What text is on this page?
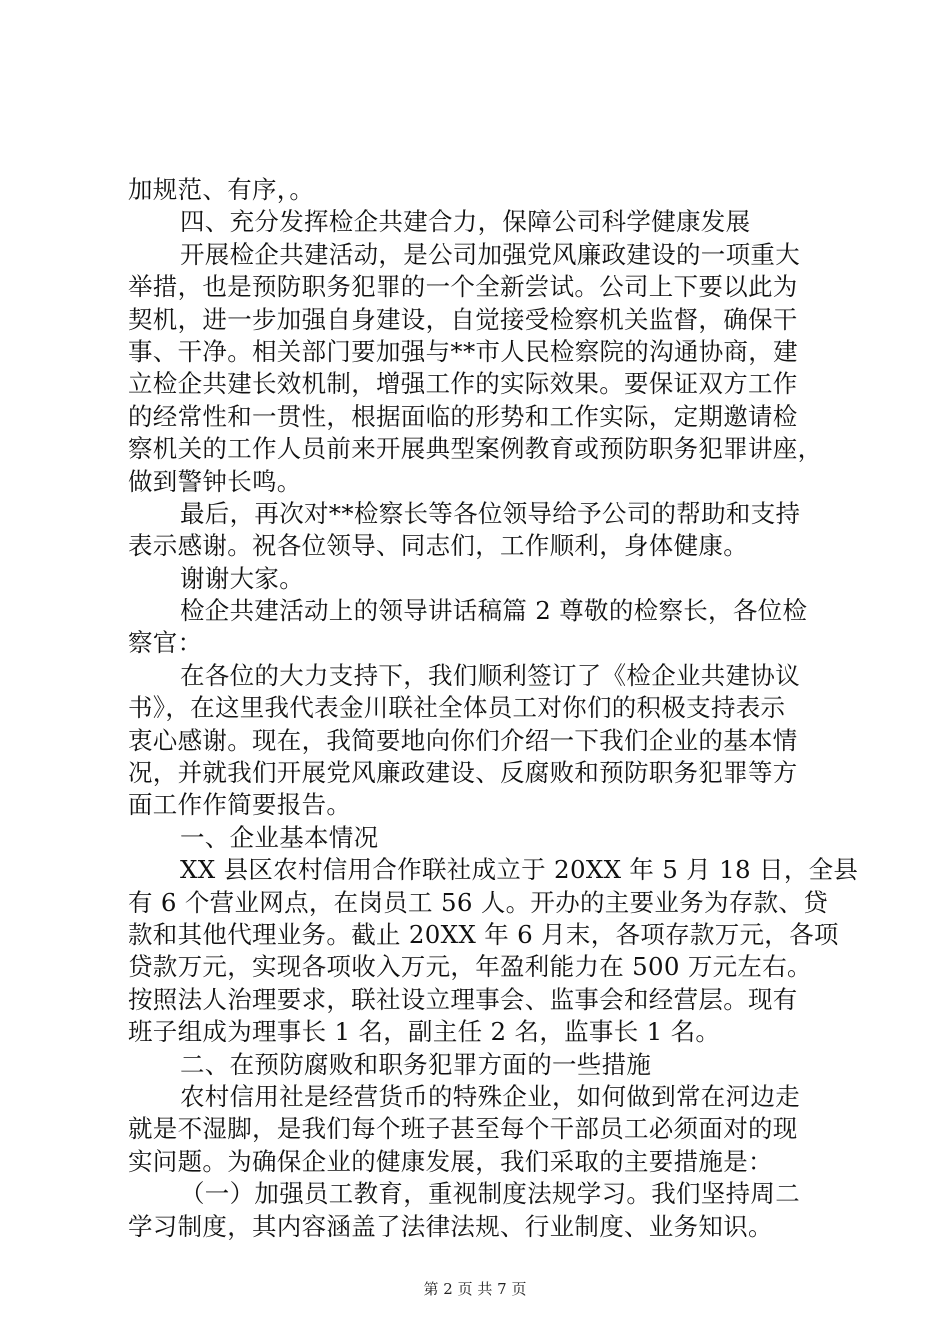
加规范、有序，。
四、充分发挥检企共建合力，保障公司科学健康发展
开展检企共建活动，是公司加强党风廉政建设的一项重大
举措，也是预防职务犯罪的一个全新尝试。公司上下要以此为
契机，进一步加强自身建设，自觉接受检察机关监督，确保干
事、干净。相关部门要加强与**市人民检察院的沟通协商，建
立检企共建长效机制，增强工作的实际效果。要保证双方工作
的经常性和一贯性，根据面临的形势和工作实际，定期邀请检
察机关的工作人员前来开展典型案例教育或预防职务犯罪讲座，
做到警钟长鸣。
最后，再次对**检察长等各位领导给予公司的帮助和支持
表示感谢。祝各位领导、同志们，工作顺利，身体健康。
谢谢大家。
检企共建活动上的领导讲话稿篇 2 尊敬的检察长，各位检
察官：
在各位的大力支持下，我们顺利签订了《检企业共建协议
书》，在这里我代表金川联社全体员工对你们的积极支持表示
衷心感谢。现在，我简要地向你们介绍一下我们企业的基本情
况，并就我们开展党风廉政建设、反腐败和预防职务犯罪等方
面工作作简要报告。
一、企业基本情况
XX 县区农村信用合作联社成立于 20XX 年 5 月 18 日，全县
有 6 个营业网点，在岗员工 56 人。开办的主要业务为存款、贷
款和其他代理业务。截止 20XX 年 6 月末，各项存款万元，各项
贷款万元，实现各项收入万元，年盈利能力在 500 万元左右。
按照法人治理要求，联社设立理事会、监事会和经营层。现有
班子组成为理事长 1 名，副主任 2 名，监事长 1 名。
二、在预防腐败和职务犯罪方面的一些措施
农村信用社是经营货币的特殊企业，如何做到常在河边走
就是不湿脚，是我们每个班子甚至每个干部员工必须面对的现
实问题。为确保企业的健康发展，我们采取的主要措施是：
（一）加强员工教育，重视制度法规学习。我们坚持周二
学习制度，其内容涵盖了法律法规、行业制度、业务知识。
第 2 页 共 7 页
